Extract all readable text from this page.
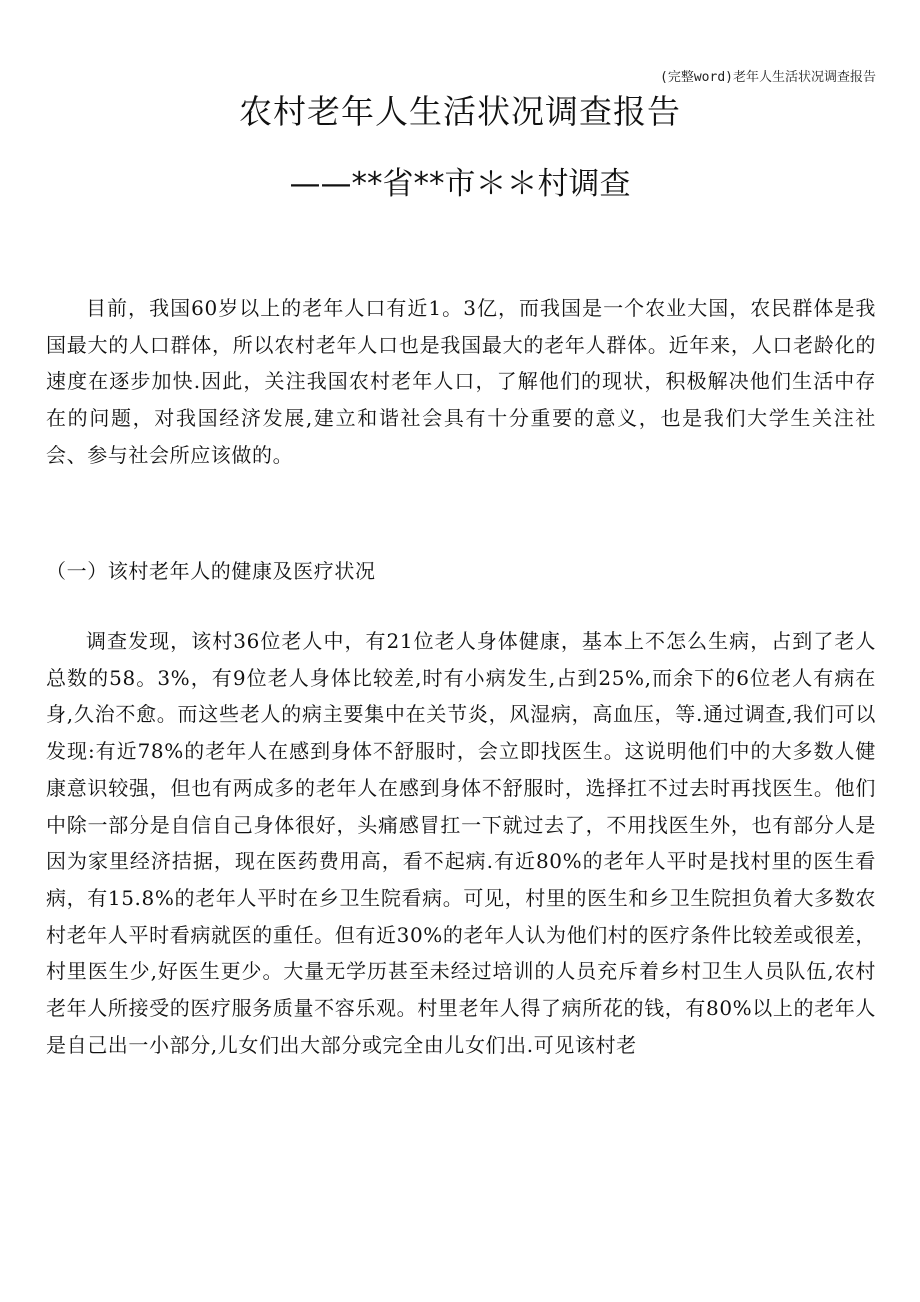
(完整word)老年人生活状况调查报告
农村老年人生活状况调查报告
——**省**市＊＊村调查

目前，我国60岁以上的老年人口有近1。3亿，而我国是一个农业大国，农民群体是我国最大的人口群体，所以农村老年人口也是我国最大的老年人群体。近年来，人口老龄化的速度在逐步加快.因此，关注我国农村老年人口，了解他们的现状，积极解决他们生活中存在的问题，对我国经济发展,建立和谐社会具有十分重要的意义，也是我们大学生关注社会、参与社会所应该做的。

（一）该村老年人的健康及医疗状况

调查发现，该村36位老人中，有21位老人身体健康，基本上不怎么生病，占到了老人总数的58。3%，有9位老人身体比较差,时有小病发生,占到25%,而余下的6位老人有病在身,久治不愈。而这些老人的病主要集中在关节炎，风湿病，高血压，等.通过调查,我们可以发现:有近78%的老年人在感到身体不舒服时，会立即找医生。这说明他们中的大多数人健康意识较强，但也有两成多的老年人在感到身体不舒服时，选择扛不过去时再找医生。他们中除一部分是自信自己身体很好，头痛感冒扛一下就过去了，不用找医生外，也有部分人是因为家里经济拮据，现在医药费用高，看不起病.有近80%的老年人平时是找村里的医生看病，有15.8%的老年人平时在乡卫生院看病。可见，村里的医生和乡卫生院担负着大多数农村老年人平时看病就医的重任。但有近30%的老年人认为他们村的医疗条件比较差或很差，村里医生少,好医生更少。大量无学历甚至未经过培训的人员充斥着乡村卫生人员队伍,农村老年人所接受的医疗服务质量不容乐观。村里老年人得了病所花的钱，有80%以上的老年人是自己出一小部分,儿女们出大部分或完全由儿女们出.可见该村老
